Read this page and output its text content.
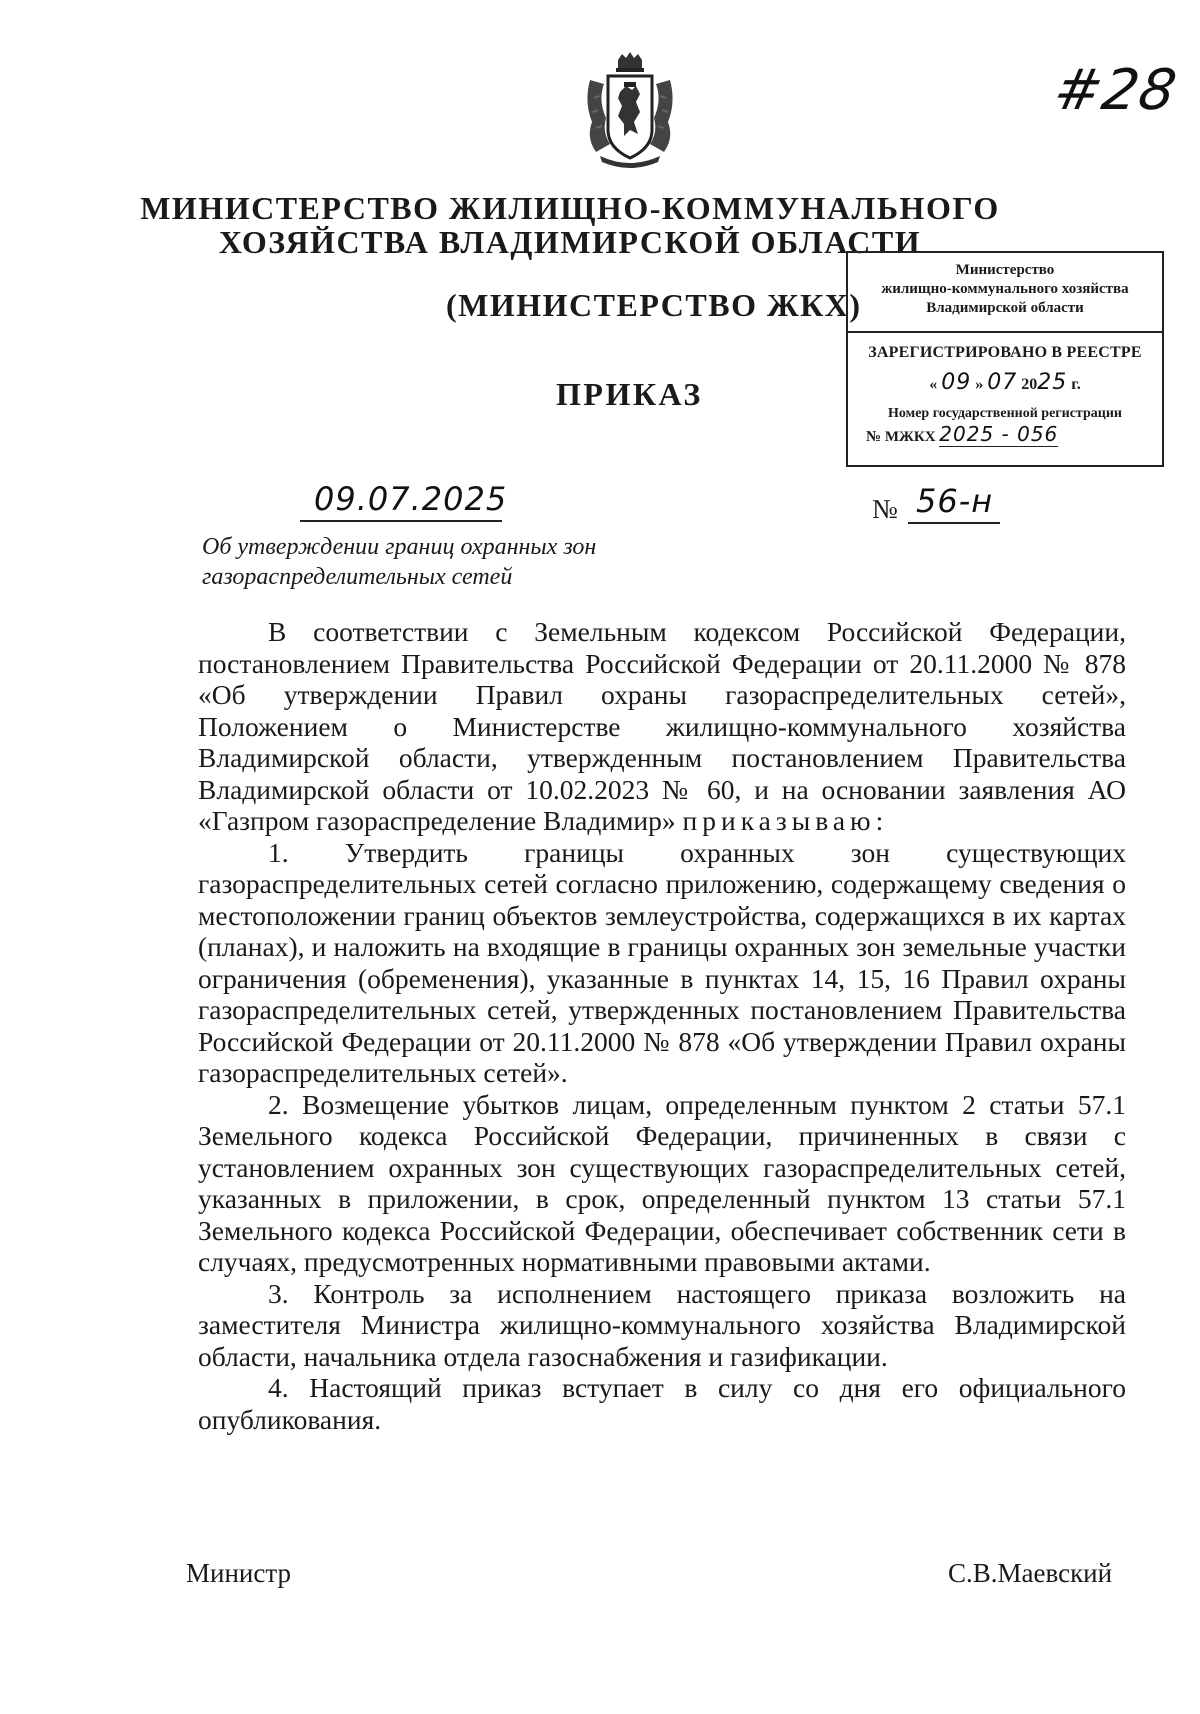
#28
МИНИСТЕРСТВО ЖИЛИЩНО-КОММУНАЛЬНОГО
ХОЗЯЙСТВА ВЛАДИМИРСКОЙ ОБЛАСТИ
(МИНИСТЕРСТВО ЖКХ)
ПРИКАЗ
Министерство
жилищно-коммунального хозяйства
Владимирской области
ЗАРЕГИСТРИРОВАНО В РЕЕСТРЕ
« 09 » 07 2025 г.
Номер государственной регистрации
№ МЖКХ 2025 - 056
09.07.2025	№ 56-н
Об утверждении границ охранных зон
газораспределительных сетей

В соответствии с Земельным кодексом Российской Федерации, постановлением Правительства Российской Федерации от 20.11.2000 № 878 «Об утверждении Правил охраны газораспределительных сетей», Положением о Министерстве жилищно-коммунального хозяйства Владимирской области, утвержденным постановлением Правительства Владимирской области от 10.02.2023 № 60, и на основании заявления АО «Газпром газораспределение Владимир» приказываю:

1. Утвердить границы охранных зон существующих газораспределительных сетей согласно приложению, содержащему сведения о местоположении границ объектов землеустройства, содержащихся в их картах (планах), и наложить на входящие в границы охранных зон земельные участки ограничения (обременения), указанные в пунктах 14, 15, 16 Правил охраны газораспределительных сетей, утвержденных постановлением Правительства Российской Федерации от 20.11.2000 № 878 «Об утверждении Правил охраны газораспределительных сетей».

2. Возмещение убытков лицам, определенным пунктом 2 статьи 57.1 Земельного кодекса Российской Федерации, причиненных в связи с установлением охранных зон существующих газораспределительных сетей, указанных в приложении, в срок, определенный пунктом 13 статьи 57.1 Земельного кодекса Российской Федерации, обеспечивает собственник сети в случаях, предусмотренных нормативными правовыми актами.

3. Контроль за исполнением настоящего приказа возложить на заместителя Министра жилищно-коммунального хозяйства Владимирской области, начальника отдела газоснабжения и газификации.

4. Настоящий приказ вступает в силу со дня его официального опубликования.

Министр	С.В.Маевский
